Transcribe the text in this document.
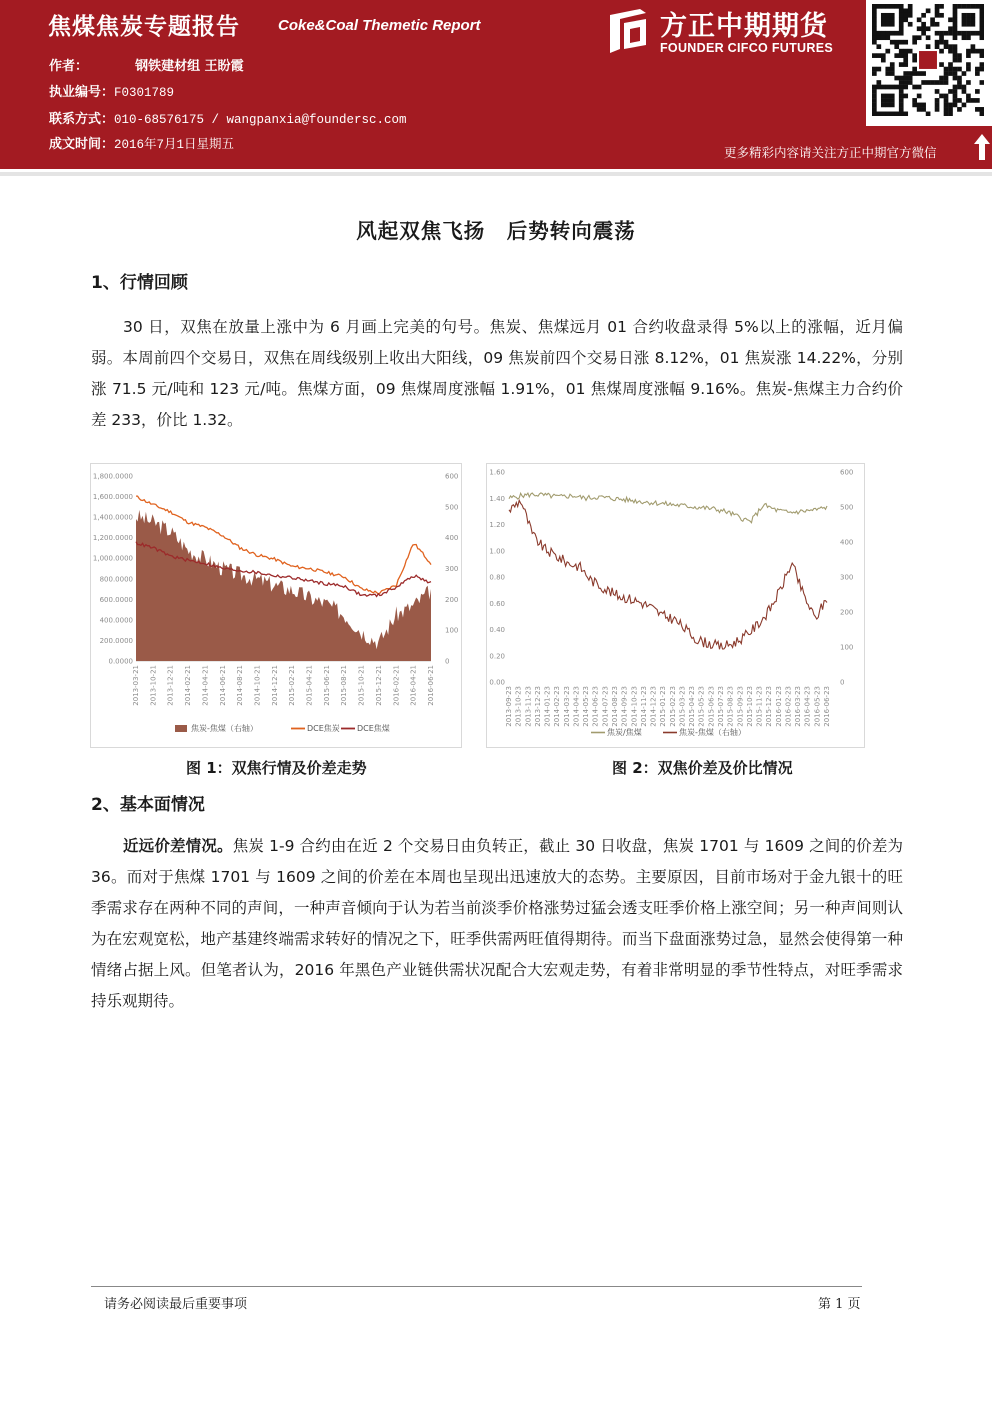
焦煤焦炭专题报告	Coke&Coal Themetic Report
作者：	钢铁建材组 王盼霞
执业编号：F0301789
联系方式：010-68576175 / wangpanxia@foundersc.com
成文时间：2016年7月1日星期五
方正中期期货
FOUNDER CIFCO FUTURES
更多精彩内容请关注方正中期官方微信
风起双焦飞扬　后势转向震荡
1、行情回顾
30 日，双焦在放量上涨中为 6 月画上完美的句号。焦炭、焦煤远月 01 合约收盘录得 5%以上的涨幅，近月偏弱。本周前四个交易日，双焦在周线级别上收出大阳线，09 焦炭前四个交易日涨 8.12%，01 焦炭涨 14.22%，分别涨 71.5 元/吨和 123 元/吨。焦煤方面，09 焦煤周度涨幅 1.91%，01 焦煤周度涨幅 9.16%。焦炭-焦煤主力合约价差 233，价比 1.32。
1,800.0000
1,600.0000
1,400.0000
1,200.0000
1,000.0000
800.0000
600.0000
400.0000
200.0000
0.0000
600
500
400
300
200
100
0
2013-03-21 2013-10-21 2013-12-21 2014-02-21 2014-04-21 2014-06-21 2014-08-21 2014-10-21 2014-12-21 2015-02-21 2015-04-21 2015-06-21 2015-08-21 2015-10-21 2015-12-21 2016-02-21 2016-04-21 2016-06-21
焦炭-焦煤（右轴）	DCE焦炭 DCE焦煤
1.60
1.40
1.20
1.00
0.80
0.60
0.40
0.20
0.00
600
500
400
300
200
100
0
2013-09-23 2013-10-23 2013-11-23 2013-12-23 2014-01-23 2014-02-23 2014-03-23 2014-04-23 2014-05-23 2014-06-23 2014-07-23 2014-08-23 2014-09-23 2014-10-23 2014-11-23 2014-12-23 2015-01-23 2015-02-23 2015-03-23 2015-04-23 2015-05-23 2015-06-23 2015-07-23 2015-08-23 2015-09-23 2015-10-23 2015-11-23 2015-12-23 2016-01-23 2016-02-23 2016-03-23 2016-04-23 2016-05-23 2016-06-23
焦炭/焦煤	焦炭-焦煤（右轴）
图 1：双焦行情及价差走势	图 2：双焦价差及价比情况
2、基本面情况
近远价差情况。焦炭 1-9 合约由在近 2 个交易日由负转正，截止 30 日收盘，焦炭 1701 与 1609 之间的价差为 36。而对于焦煤 1701 与 1609 之间的价差在本周也呈现出迅速放大的态势。主要原因，目前市场对于金九银十的旺季需求存在两种不同的声间，一种声音倾向于认为若当前淡季价格涨势过猛会透支旺季价格上涨空间；另一种声间则认为在宏观宽松，地产基建终端需求转好的情况之下，旺季供需两旺值得期待。而当下盘面涨势过急，显然会使得第一种情绪占据上风。但笔者认为，2016 年黑色产业链供需状况配合大宏观走势，有着非常明显的季节性特点，对旺季需求持乐观期待。
请务必阅读最后重要事项	第 1 页
